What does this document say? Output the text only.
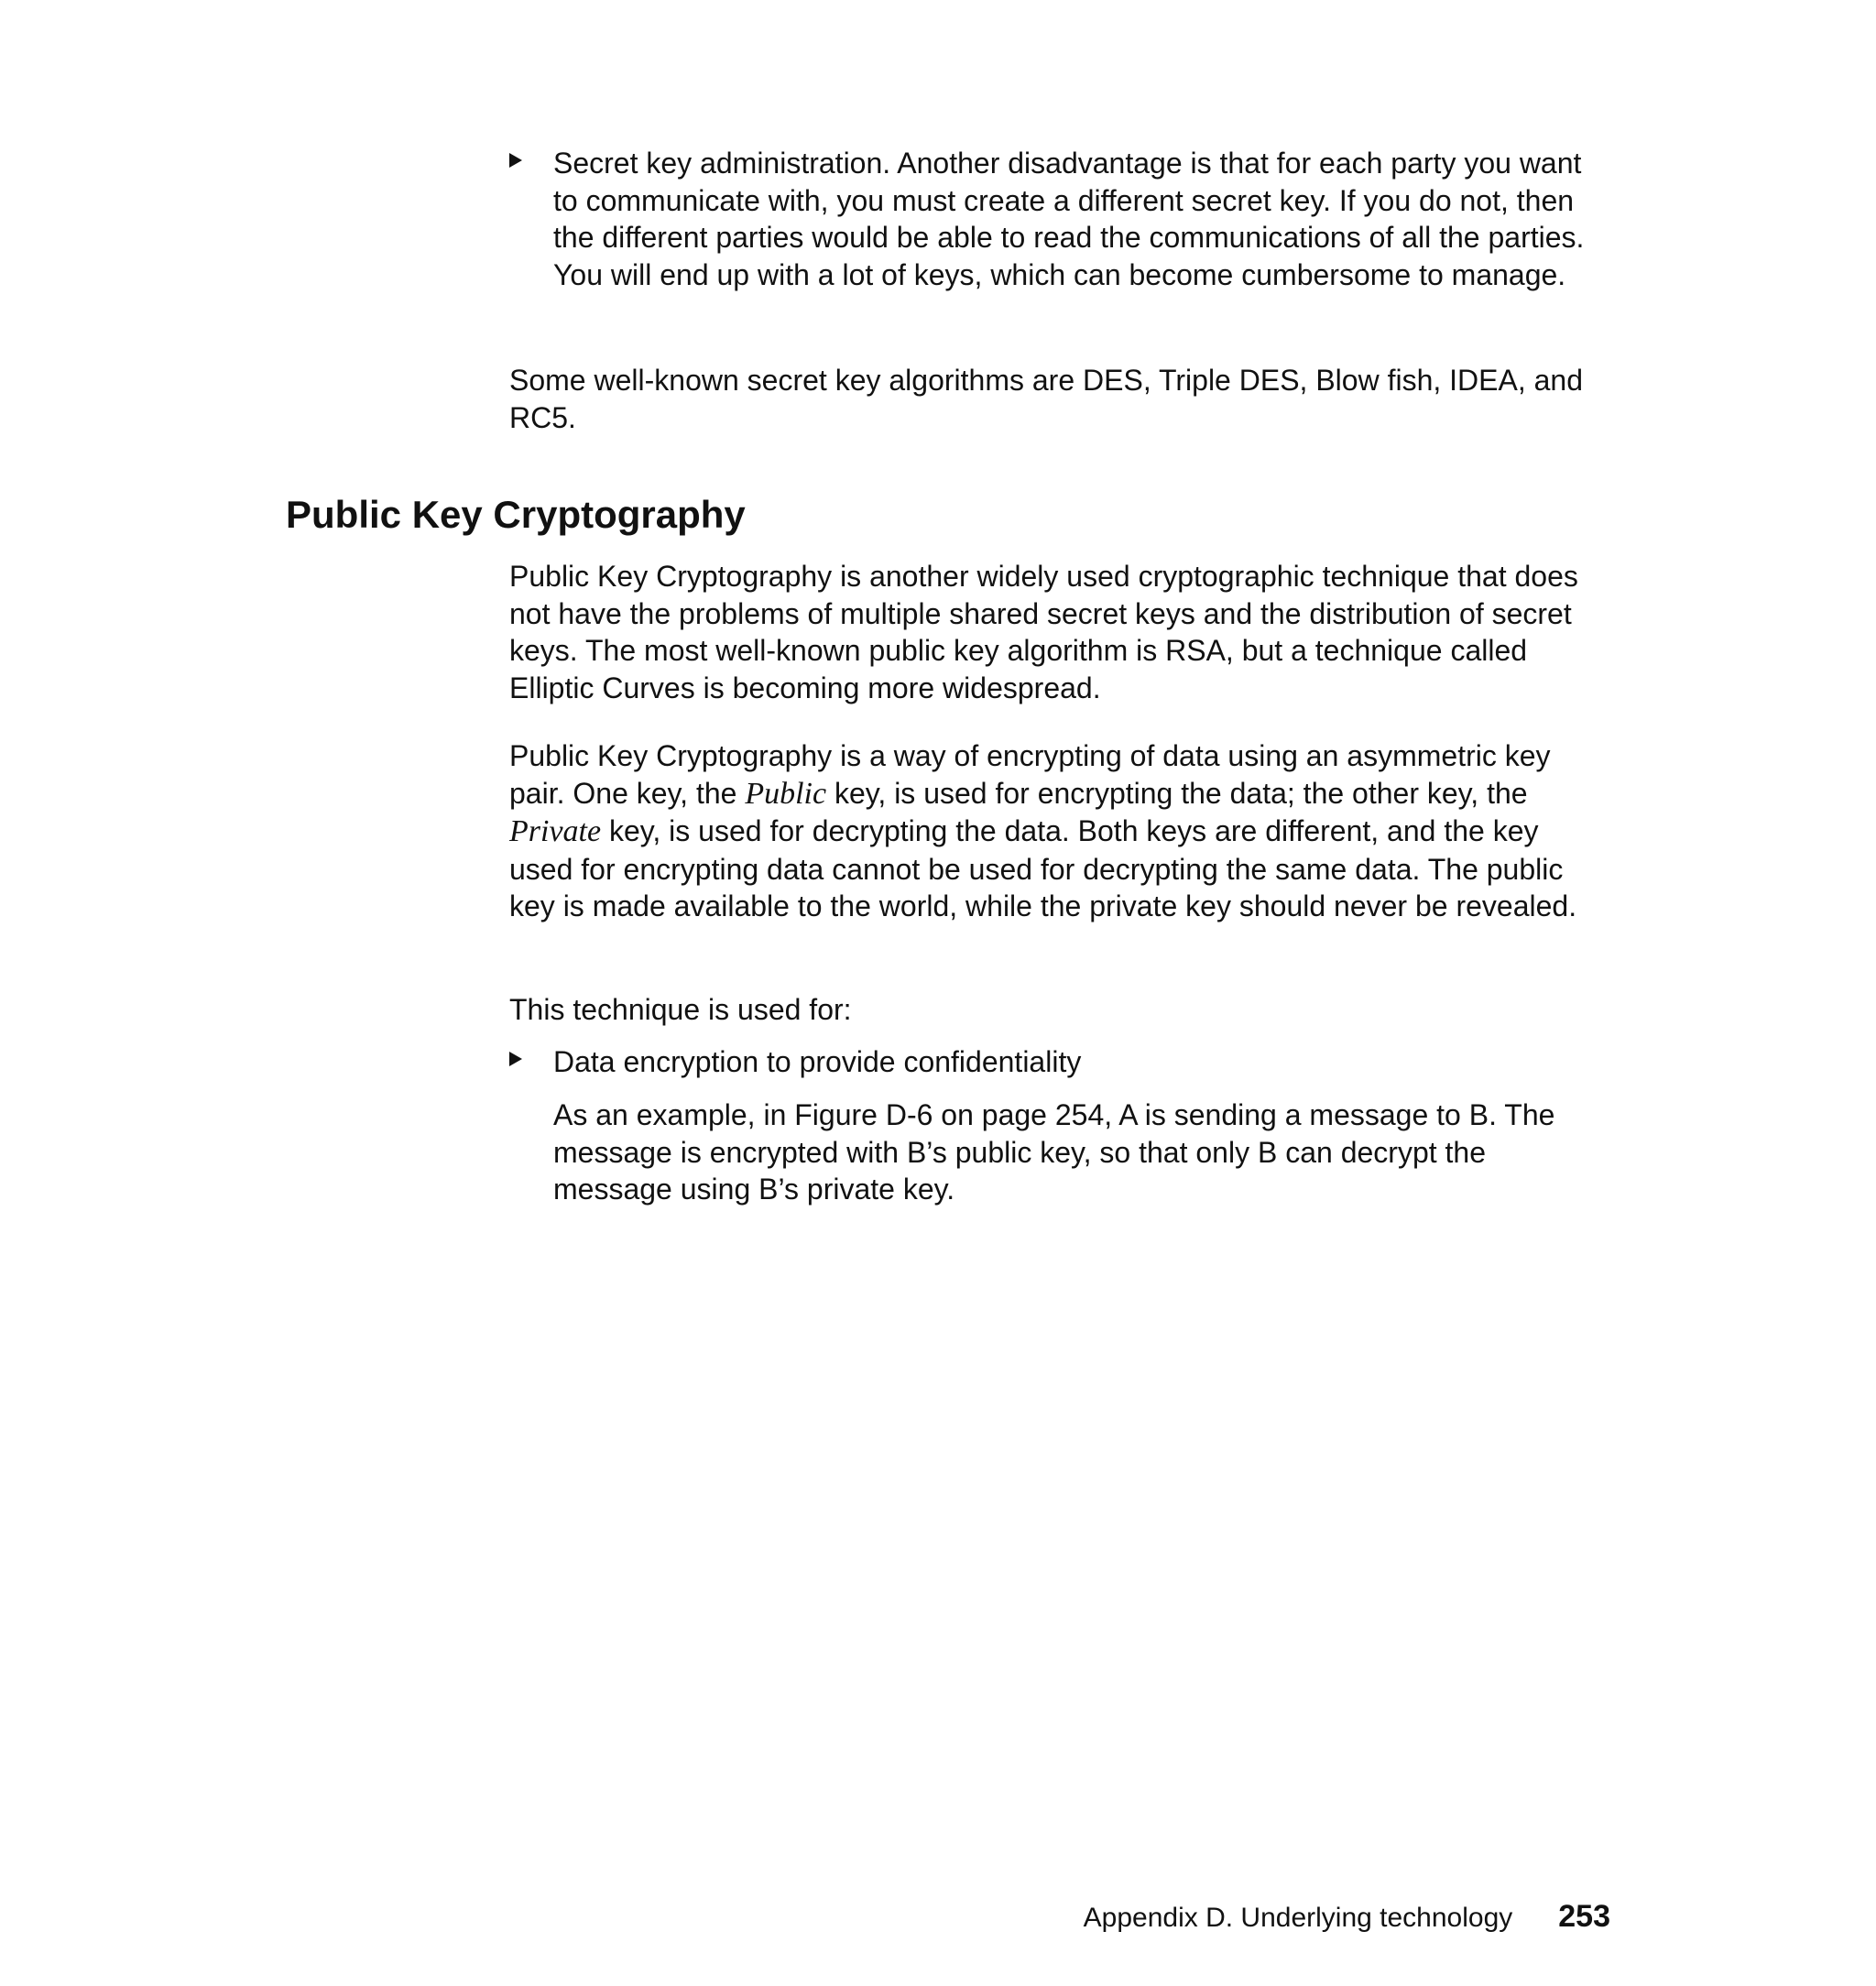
Secret key administration. Another disadvantage is that for each party you want to communicate with, you must create a different secret key. If you do not, then the different parties would be able to read the communications of all the parties. You will end up with a lot of keys, which can become cumbersome to manage.

Some well-known secret key algorithms are DES, Triple DES, Blow fish, IDEA, and RC5.

Public Key Cryptography

Public Key Cryptography is another widely used cryptographic technique that does not have the problems of multiple shared secret keys and the distribution of secret keys. The most well-known public key algorithm is RSA, but a technique called Elliptic Curves is becoming more widespread.

Public Key Cryptography is a way of encrypting of data using an asymmetric key pair. One key, the Public key, is used for encrypting the data; the other key, the Private key, is used for decrypting the data. Both keys are different, and the key used for encrypting data cannot be used for decrypting the same data. The public key is made available to the world, while the private key should never be revealed.

This technique is used for:

Data encryption to provide confidentiality

As an example, in Figure D-6 on page 254, A is sending a message to B. The message is encrypted with B’s public key, so that only B can decrypt the message using B’s private key.

Appendix D. Underlying technology 253
